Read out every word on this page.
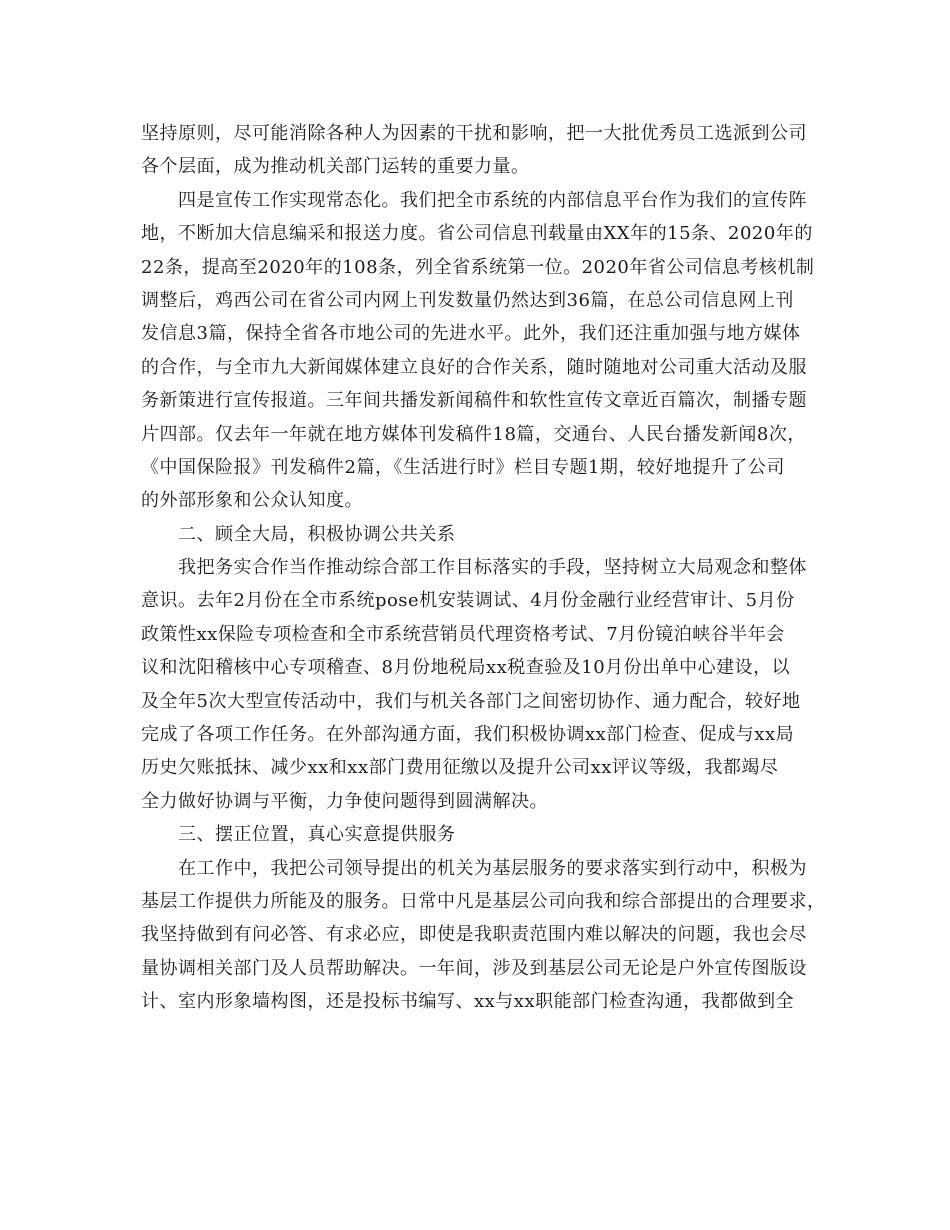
坚持原则，尽可能消除各种人为因素的干扰和影响，把一大批优秀员工选派到公司
各个层面，成为推动机关部门运转的重要力量。
　　四是宣传工作实现常态化。我们把全市系统的内部信息平台作为我们的宣传阵
地，不断加大信息编采和报送力度。省公司信息刊载量由XX年的15条、2020年的
22条，提高至2020年的108条，列全省系统第一位。2020年省公司信息考核机制
调整后，鸡西公司在省公司内网上刊发数量仍然达到36篇，在总公司信息网上刊
发信息3篇，保持全省各市地公司的先进水平。此外，我们还注重加强与地方媒体
的合作，与全市九大新闻媒体建立良好的合作关系，随时随地对公司重大活动及服
务新策进行宣传报道。三年间共播发新闻稿件和软性宣传文章近百篇次，制播专题
片四部。仅去年一年就在地方媒体刊发稿件18篇，交通台、人民台播发新闻8次，
《中国保险报》刊发稿件2篇，《生活进行时》栏目专题1期，较好地提升了公司
的外部形象和公众认知度。
　　二、顾全大局，积极协调公共关系
　　我把务实合作当作推动综合部工作目标落实的手段，坚持树立大局观念和整体
意识。去年2月份在全市系统pose机安装调试、4月份金融行业经营审计、5月份
政策性xx保险专项检查和全市系统营销员代理资格考试、7月份镜泊峡谷半年会
议和沈阳稽核中心专项稽查、8月份地税局xx税查验及10月份出单中心建设，以
及全年5次大型宣传活动中，我们与机关各部门之间密切协作、通力配合，较好地
完成了各项工作任务。在外部沟通方面，我们积极协调xx部门检查、促成与xx局
历史欠账抵抹、减少xx和xx部门费用征缴以及提升公司xx评议等级，我都竭尽
全力做好协调与平衡，力争使问题得到圆满解决。
　　三、摆正位置，真心实意提供服务
　　在工作中，我把公司领导提出的机关为基层服务的要求落实到行动中，积极为
基层工作提供力所能及的服务。日常中凡是基层公司向我和综合部提出的合理要求，
我坚持做到有问必答、有求必应，即使是我职责范围内难以解决的问题，我也会尽
量协调相关部门及人员帮助解决。一年间，涉及到基层公司无论是户外宣传图版设
计、室内形象墙构图，还是投标书编写、xx与xx职能部门检查沟通，我都做到全
